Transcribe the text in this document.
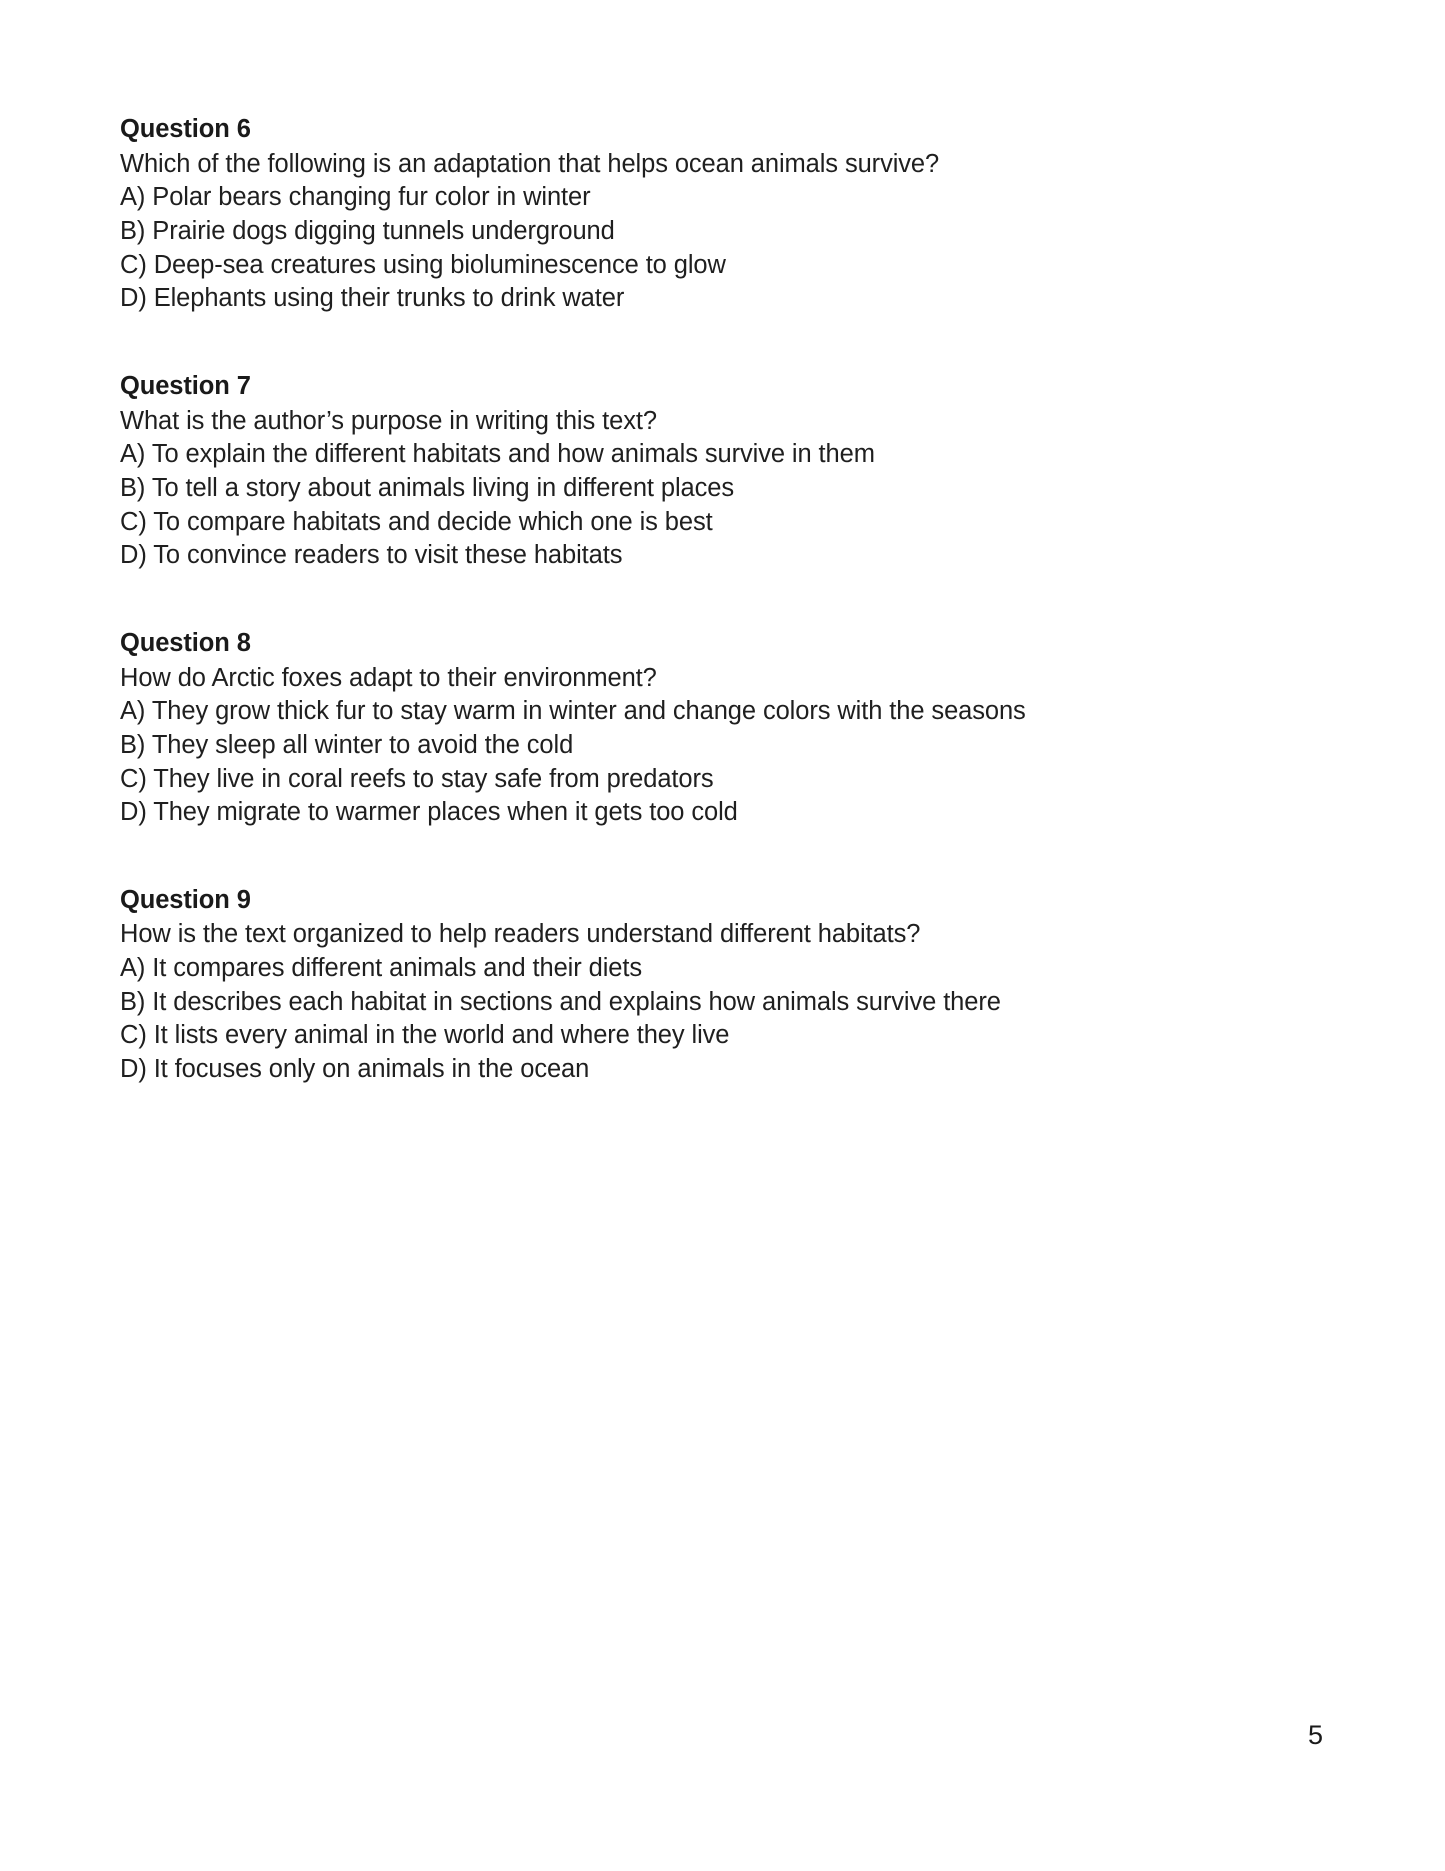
Question 6
Which of the following is an adaptation that helps ocean animals survive?
A) Polar bears changing fur color in winter
B) Prairie dogs digging tunnels underground
C) Deep-sea creatures using bioluminescence to glow
D) Elephants using their trunks to drink water
Question 7
What is the author’s purpose in writing this text?
A) To explain the different habitats and how animals survive in them
B) To tell a story about animals living in different places
C) To compare habitats and decide which one is best
D) To convince readers to visit these habitats
Question 8
How do Arctic foxes adapt to their environment?
A) They grow thick fur to stay warm in winter and change colors with the seasons
B) They sleep all winter to avoid the cold
C) They live in coral reefs to stay safe from predators
D) They migrate to warmer places when it gets too cold
Question 9
How is the text organized to help readers understand different habitats?
A) It compares different animals and their diets
B) It describes each habitat in sections and explains how animals survive there
C) It lists every animal in the world and where they live
D) It focuses only on animals in the ocean
5
